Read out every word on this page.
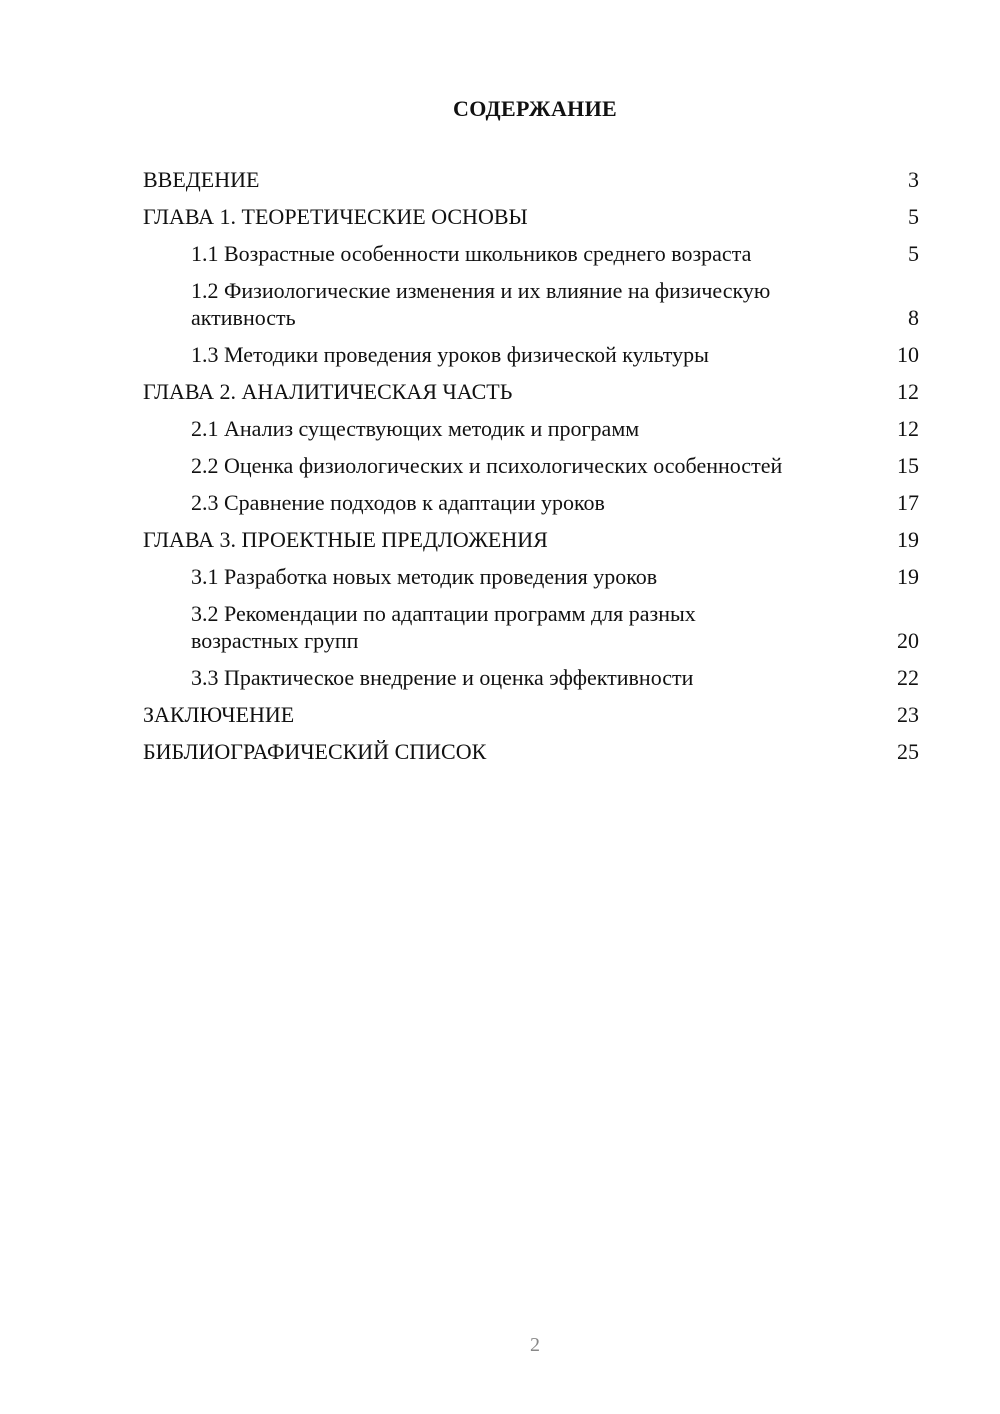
СОДЕРЖАНИЕ
ВВЕДЕНИЕ	3
ГЛАВА 1. ТЕОРЕТИЧЕСКИЕ ОСНОВЫ	5
1.1 Возрастные особенности школьников среднего возраста	5
1.2 Физиологические изменения и их влияние на физическую активность	8
1.3 Методики проведения уроков физической культуры	10
ГЛАВА 2. АНАЛИТИЧЕСКАЯ ЧАСТЬ	12
2.1 Анализ существующих методик и программ	12
2.2 Оценка физиологических и психологических особенностей	15
2.3 Сравнение подходов к адаптации уроков	17
ГЛАВА 3. ПРОЕКТНЫЕ ПРЕДЛОЖЕНИЯ	19
3.1 Разработка новых методик проведения уроков	19
3.2 Рекомендации по адаптации программ для разных возрастных групп	20
3.3 Практическое внедрение и оценка эффективности	22
ЗАКЛЮЧЕНИЕ	23
БИБЛИОГРАФИЧЕСКИЙ СПИСОК	25
2
